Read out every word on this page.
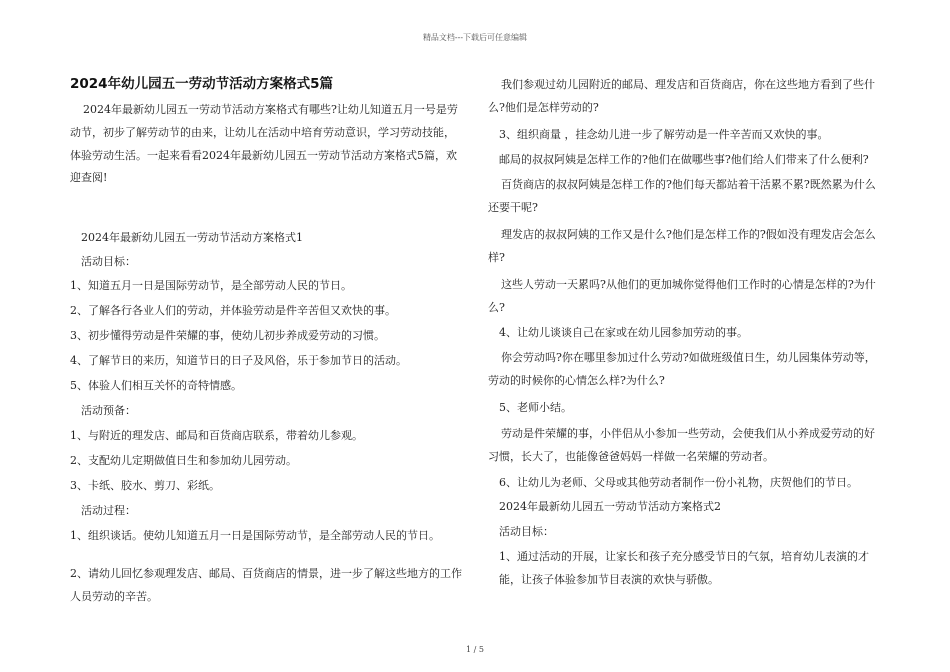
精品文档---下载后可任意编辑
2024年幼儿园五一劳动节活动方案格式5篇

2024年最新幼儿园五一劳动节活动方案格式有哪些?让幼儿知道五月一号是劳动节，初步了解劳动节的由来，让幼儿在活动中培育劳动意识，学习劳动技能，体验劳动生活。一起来看看2024年最新幼儿园五一劳动节活动方案格式5篇，欢迎查阅!

2024年最新幼儿园五一劳动节活动方案格式1

活动目标：

1、知道五月一日是国际劳动节，是全部劳动人民的节日。

2、了解各行各业人们的劳动，并体验劳动是件辛苦但又欢快的事。

3、初步懂得劳动是件荣耀的事，使幼儿初步养成爱劳动的习惯。

4、了解节日的来历，知道节日的日子及风俗，乐于参加节日的活动。

5、体验人们相互关怀的奇特情感。

活动预备：

1、与附近的理发店、邮局和百货商店联系，带着幼儿参观。

2、支配幼儿定期做值日生和参加幼儿园劳动。

3、卡纸、胶水、剪刀、彩纸。

活动过程：

1、组织谈话。使幼儿知道五月一日是国际劳动节，是全部劳动人民的节日。

2、请幼儿回忆参观理发店、邮局、百货商店的情景，进一步了解这些地方的工作人员劳动的辛苦。

我们参观过幼儿园附近的邮局、理发店和百货商店，你在这些地方看到了些什么?他们是怎样劳动的?

3、组织商量 ，挂念幼儿进一步了解劳动是一件辛苦而又欢快的事。

邮局的叔叔阿姨是怎样工作的?他们在做哪些事?他们给人们带来了什么便利?

百货商店的叔叔阿姨是怎样工作的?他们每天都站着干活累不累?既然累为什么还要干呢?

理发店的叔叔阿姨的工作又是什么?他们是怎样工作的?假如没有理发店会怎么样?

这些人劳动一天累吗?从他们的更加城你觉得他们工作时的心情是怎样的?为什么?

4、让幼儿谈谈自己在家或在幼儿园参加劳动的事。

你会劳动吗?你在哪里参加过什么劳动?如做班级值日生，幼儿园集体劳动等，劳动的时候你的心情怎么样?为什么?

5、老师小结。

劳动是件荣耀的事，小伴侣从小参加一些劳动，会使我们从小养成爱劳动的好习惯，长大了，也能像爸爸妈妈一样做一名荣耀的劳动者。

6、让幼儿为老师、父母或其他劳动者制作一份小礼物，庆贺他们的节日。

2024年最新幼儿园五一劳动节活动方案格式2

活动目标：

1、通过活动的开展，让家长和孩子充分感受节日的气氛，培育幼儿表演的才能，让孩子体验参加节目表演的欢快与骄傲。

1 / 5
